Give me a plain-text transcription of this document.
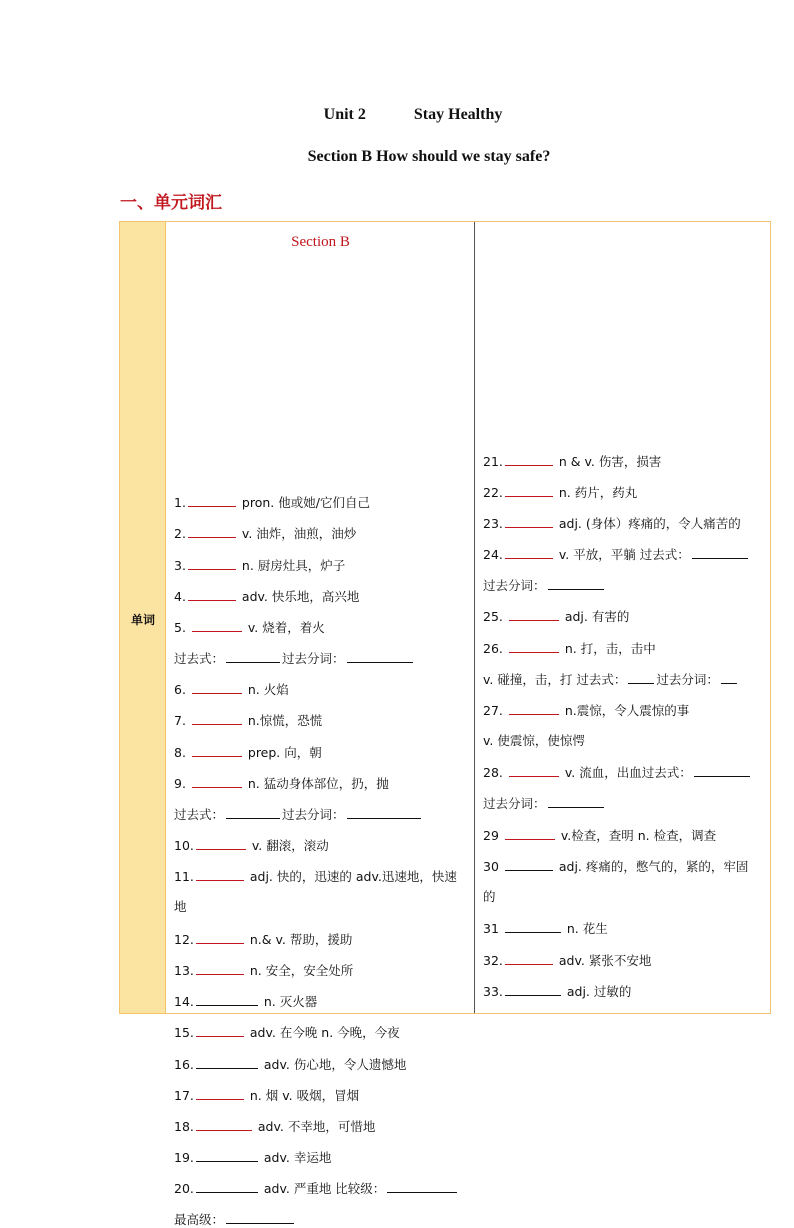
Unit 2	Stay Healthy
Section B How should we stay safe?
一、单元词汇
单词
Section B
1.	pron. 他或她/它们自己
2.	v. 油炸，油煎，油炒
3.	n. 厨房灶具，炉子
4.	adv. 快乐地，高兴地
5.	v. 烧着，着火
过去式：	过去分词：
6.	n. 火焰
7.	n.惊慌，恐慌
8.	prep. 向，朝
9.	n. 猛动身体部位，扔，抛
过去式：	过去分词：
10.	v. 翻滚，滚动
11.	adj. 快的，迅速的 adv.迅速地，快速
地
12.	n.& v. 帮助，援助
13.	n. 安全，安全处所
14.	n. 灭火器
15.	adv. 在今晚 n. 今晚，今夜
16.	adv. 伤心地，令人遗憾地
17.	n. 烟 v. 吸烟，冒烟
18.	adv. 不幸地，可惜地
19.	adv. 幸运地
20.	adv. 严重地 比较级：
最高级：
21.	n & v. 伤害，损害
22.	n. 药片，药丸
23.	adj. (身体）疼痛的，令人痛苦的
24.	v. 平放，平躺 过去式：
过去分词：
25.	adj. 有害的
26.	n. 打，击，击中
v. 碰撞，击，打 过去式： 过去分词：
27.	n.震惊，令人震惊的事
v. 使震惊，使惊愕
28.	v. 流血，出血过去式：
过去分词：
29	v.检查，查明 n. 检查，调查
30	adj. 疼痛的，憋气的，紧的，牢固
的
31	n. 花生
32.	adv. 紧张不安地
33.	adj. 过敏的
